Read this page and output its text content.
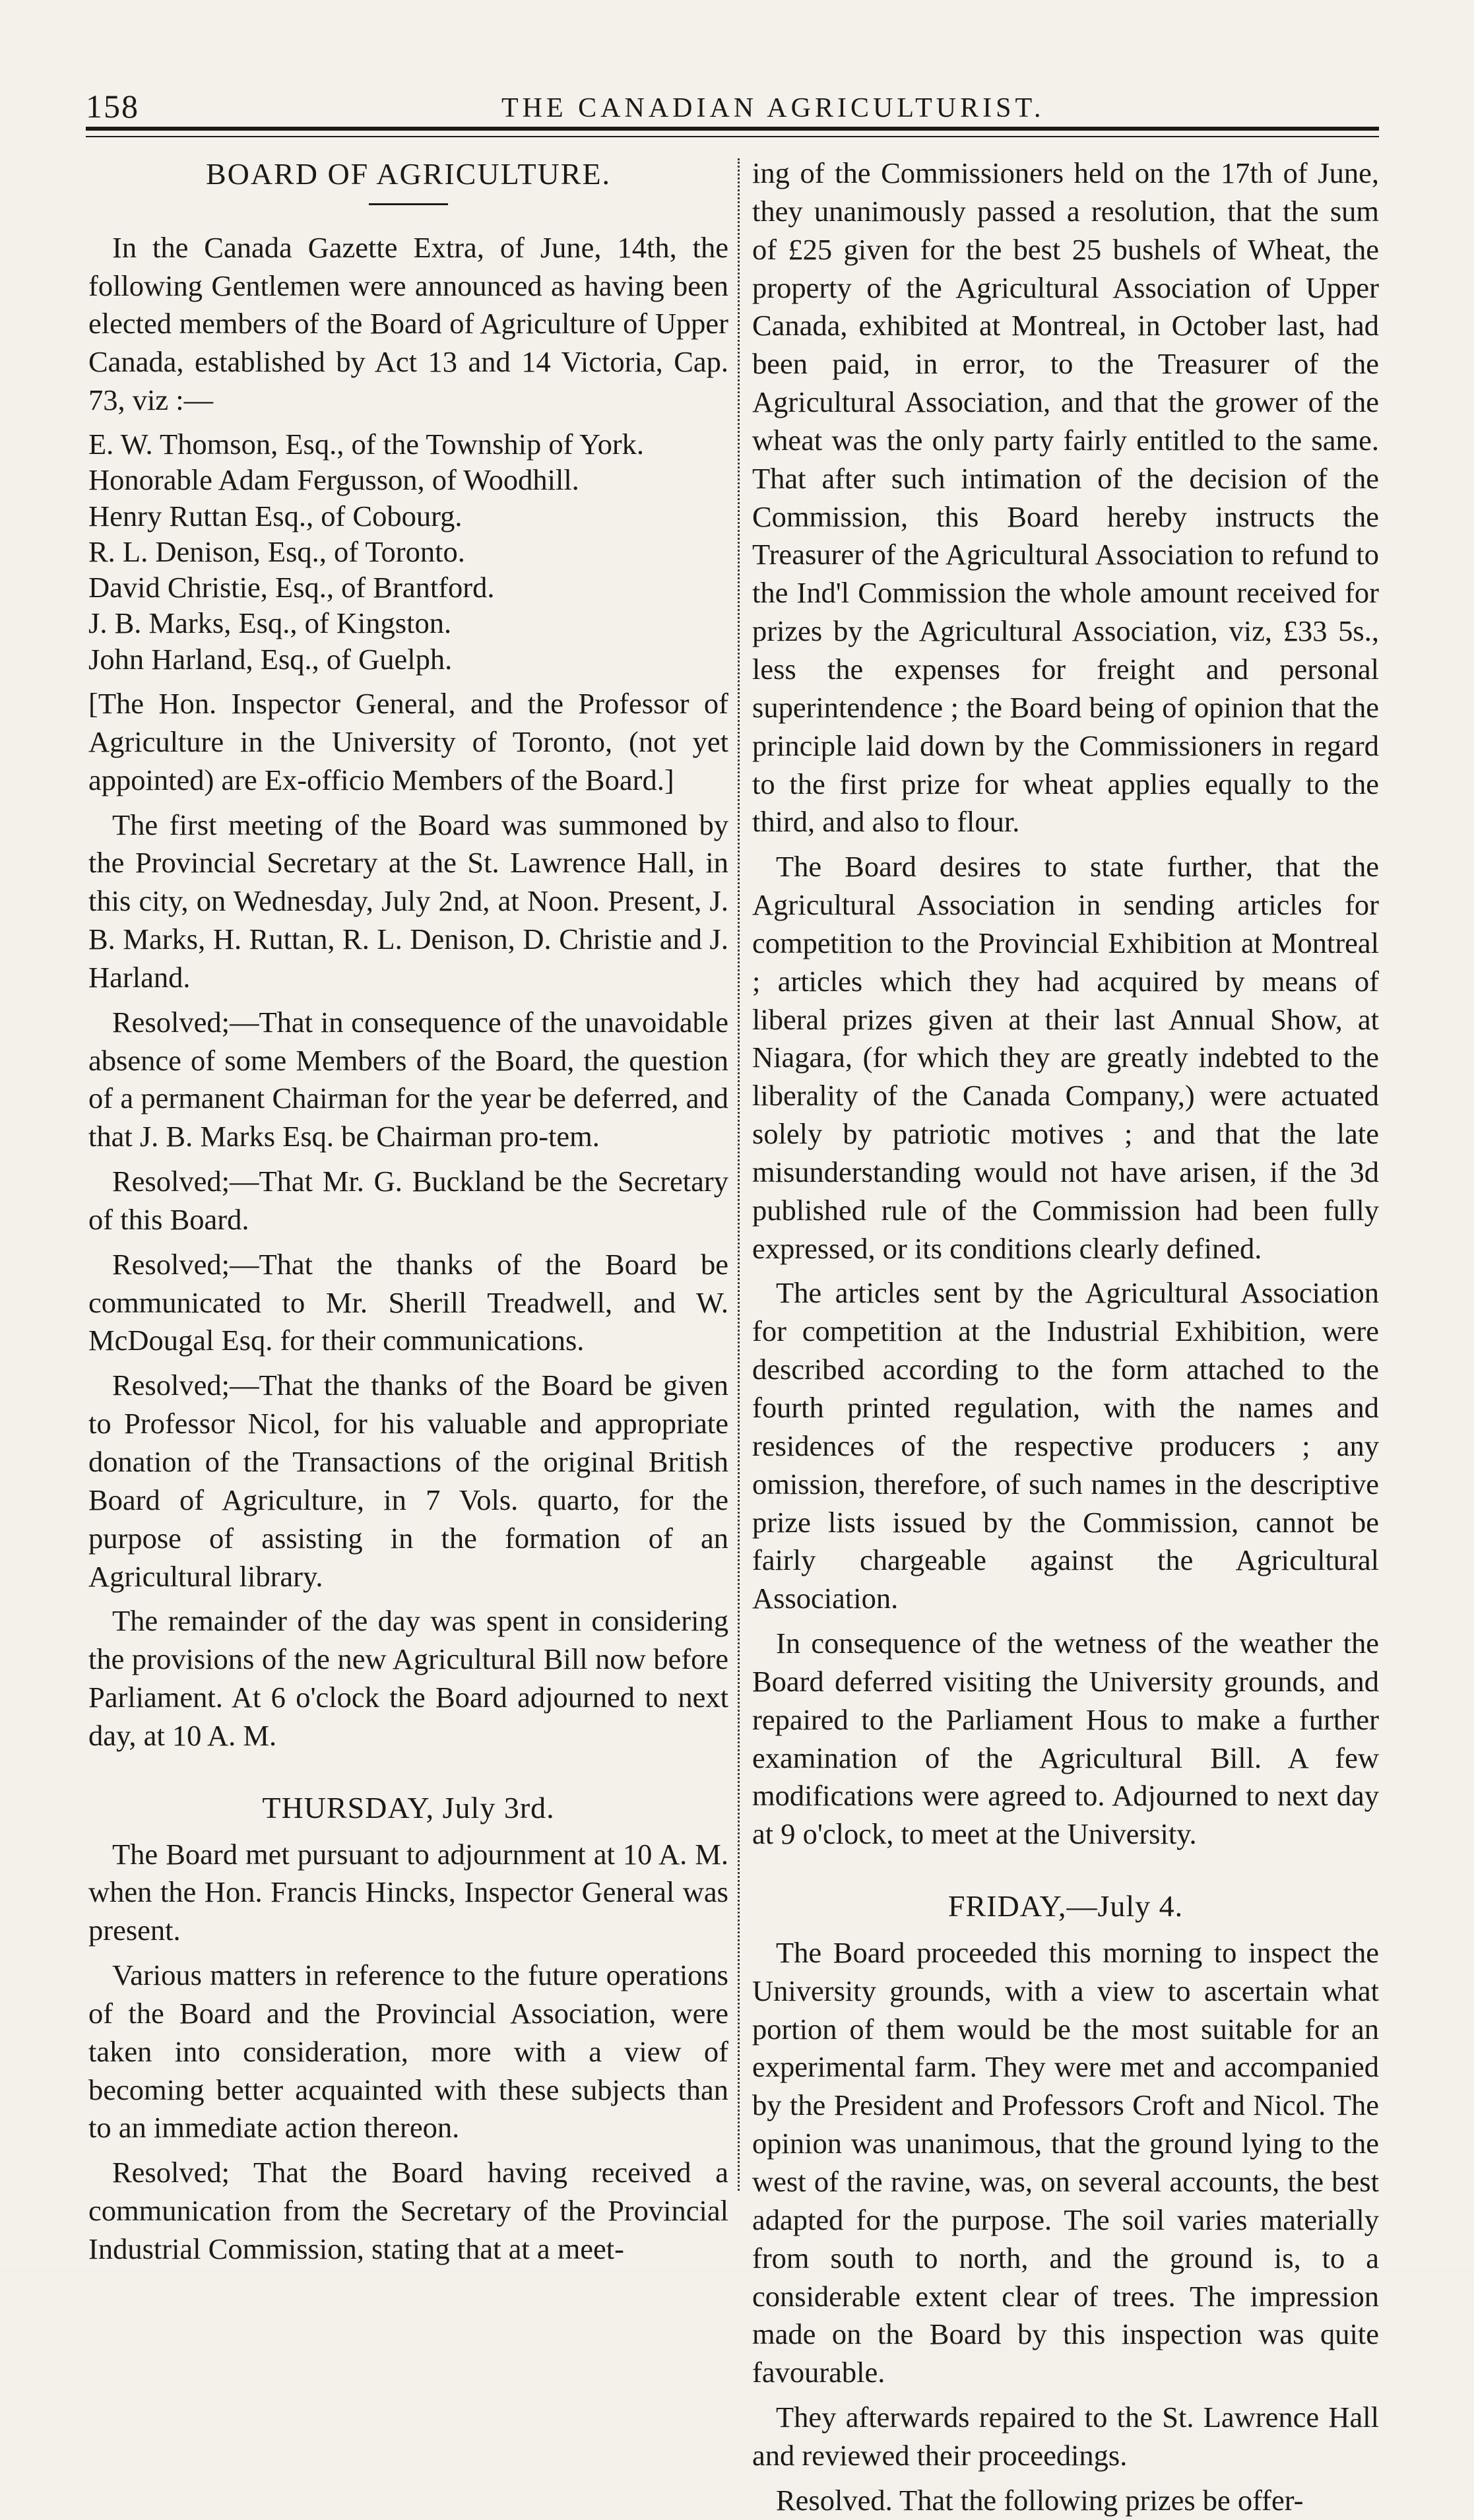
158	THE CANADIAN AGRICULTURIST.
BOARD OF AGRICULTURE.

In the Canada Gazette Extra, of June, 14th, the following Gentlemen were announced as having been elected members of the Board of Agriculture of Upper Canada, established by Act 13 and 14 Victoria, Cap. 73, viz :—

E. W. Thomson, Esq., of the Township of York.
Honorable Adam Fergusson, of Woodhill.
Henry Ruttan Esq., of Cobourg.
R. L. Denison, Esq., of Toronto.
David Christie, Esq., of Brantford.
J. B. Marks, Esq., of Kingston.
John Harland, Esq., of Guelph.

[The Hon. Inspector General, and the Professor of Agriculture in the University of Toronto, (not yet appointed) are Ex-officio Members of the Board.]

The first meeting of the Board was summoned by the Provincial Secretary at the St. Lawrence Hall, in this city, on Wednesday, July 2nd, at Noon. Present, J. B. Marks, H. Ruttan, R. L. Denison, D. Christie and J. Harland.

Resolved;—That in consequence of the unavoidable absence of some Members of the Board, the question of a permanent Chairman for the year be deferred, and that J. B. Marks Esq. be Chairman pro-tem.

Resolved;—That Mr. G. Buckland be the Secretary of this Board.

Resolved;—That the thanks of the Board be communicated to Mr. Sherill Treadwell, and W. McDougal Esq. for their communications.

Resolved;—That the thanks of the Board be given to Professor Nicol, for his valuable and appropriate donation of the Transactions of the original British Board of Agriculture, in 7 Vols. quarto, for the purpose of assisting in the formation of an Agricultural library.

The remainder of the day was spent in considering the provisions of the new Agricultural Bill now before Parliament. At 6 o'clock the Board adjourned to next day, at 10 A. M.

THURSDAY, July 3rd.

The Board met pursuant to adjournment at 10 A. M. when the Hon. Francis Hincks, Inspector General was present.

Various matters in reference to the future operations of the Board and the Provincial Association, were taken into consideration, more with a view of becoming better acquainted with these subjects than to an immediate action thereon.

Resolved; That the Board having received a communication from the Secretary of the Provincial Industrial Commission, stating that at a meet-

ing of the Commissioners held on the 17th of June, they unanimously passed a resolution, that the sum of £25 given for the best 25 bushels of Wheat, the property of the Agricultural Association of Upper Canada, exhibited at Montreal, in October last, had been paid, in error, to the Treasurer of the Agricultural Association, and that the grower of the wheat was the only party fairly entitled to the same. That after such intimation of the decision of the Commission, this Board hereby instructs the Treasurer of the Agricultural Association to refund to the Ind'l Commission the whole amount received for prizes by the Agricultural Association, viz, £33 5s., less the expenses for freight and personal superintendence ; the Board being of opinion that the principle laid down by the Commissioners in regard to the first prize for wheat applies equally to the third, and also to flour.

The Board desires to state further, that the Agricultural Association in sending articles for competition to the Provincial Exhibition at Montreal ; articles which they had acquired by means of liberal prizes given at their last Annual Show, at Niagara, (for which they are greatly indebted to the liberality of the Canada Company,) were actuated solely by patriotic motives ; and that the late misunderstanding would not have arisen, if the 3d published rule of the Commission had been fully expressed, or its conditions clearly defined.

The articles sent by the Agricultural Association for competition at the Industrial Exhibition, were described according to the form attached to the fourth printed regulation, with the names and residences of the respective producers ; any omission, therefore, of such names in the descriptive prize lists issued by the Commission, cannot be fairly chargeable against the Agricultural Association.

In consequence of the wetness of the weather the Board deferred visiting the University grounds, and repaired to the Parliament Hous to make a further examination of the Agricultural Bill. A few modifications were agreed to. Adjourned to next day at 9 o'clock, to meet at the University.

FRIDAY,—July 4.

The Board proceeded this morning to inspect the University grounds, with a view to ascertain what portion of them would be the most suitable for an experimental farm. They were met and accompanied by the President and Professors Croft and Nicol. The opinion was unanimous, that the ground lying to the west of the ravine, was, on several accounts, the best adapted for the purpose. The soil varies materially from south to north, and the ground is, to a considerable extent clear of trees. The impression made on the Board by this inspection was quite favourable.

They afterwards repaired to the St. Lawrence Hall and reviewed their proceedings.

Resolved. That the following prizes be offer-
